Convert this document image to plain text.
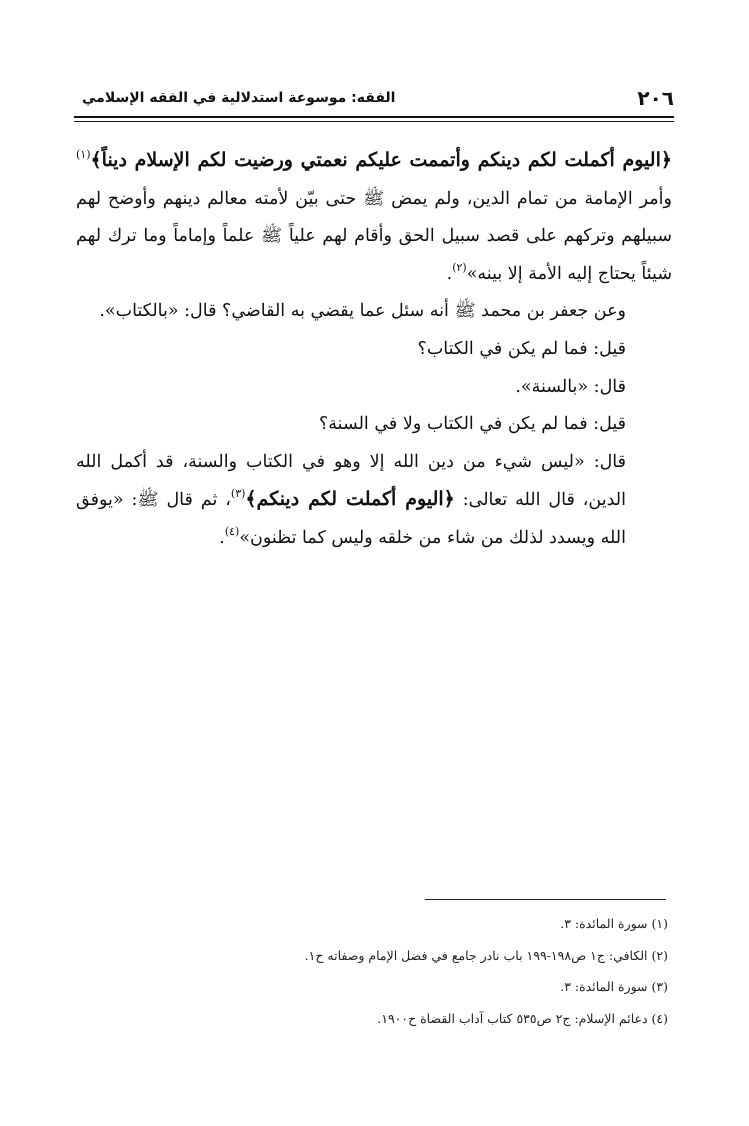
٢٠٦
الفقه: موسوعة استدلالية في الفقه الإسلامي

﴿اليوم أكملت لكم دينكم وأتممت عليكم نعمتي ورضيت لكم الإسلام ديناً﴾$^{(١)}$ وأمر الإمامة من تمام الدين، ولم يمض ﷺ حتى بيّن لأمته معالم دينهم وأوضح لهم سبيلهم وتركهم على قصد سبيل الحق وأقام لهم علياً ﷺ علماً وإماماً وما ترك لهم شيئاً يحتاج إليه الأمة إلا بينه»$^{(٢)}$.

وعن جعفر بن محمد ﷺ أنه سئل عما يقضي به القاضي؟ قال: «بالكتاب».

قيل: فما لم يكن في الكتاب؟

قال: «بالسنة».

قيل: فما لم يكن في الكتاب ولا في السنة؟

قال: «ليس شيء من دين الله إلا وهو في الكتاب والسنة، قد أكمل الله الدين، قال الله تعالى: ﴿اليوم أكملت لكم دينكم﴾$^{(٣)}$، ثم قال ﷺ: «يوفق الله ويسدد لذلك من شاء من خلقه وليس كما تظنون»$^{(٤)}$.

(١) سورة المائدة: ٣.

(٢) الكافي: ج١ ص١٩٨-١٩٩ باب نادر جامع في فضل الإمام وصفاته ح١.

(٣) سورة المائدة: ٣.

(٤) دعائم الإسلام: ج٢ ص٥٣٥ كتاب آداب القضاة ح١٩٠٠.
